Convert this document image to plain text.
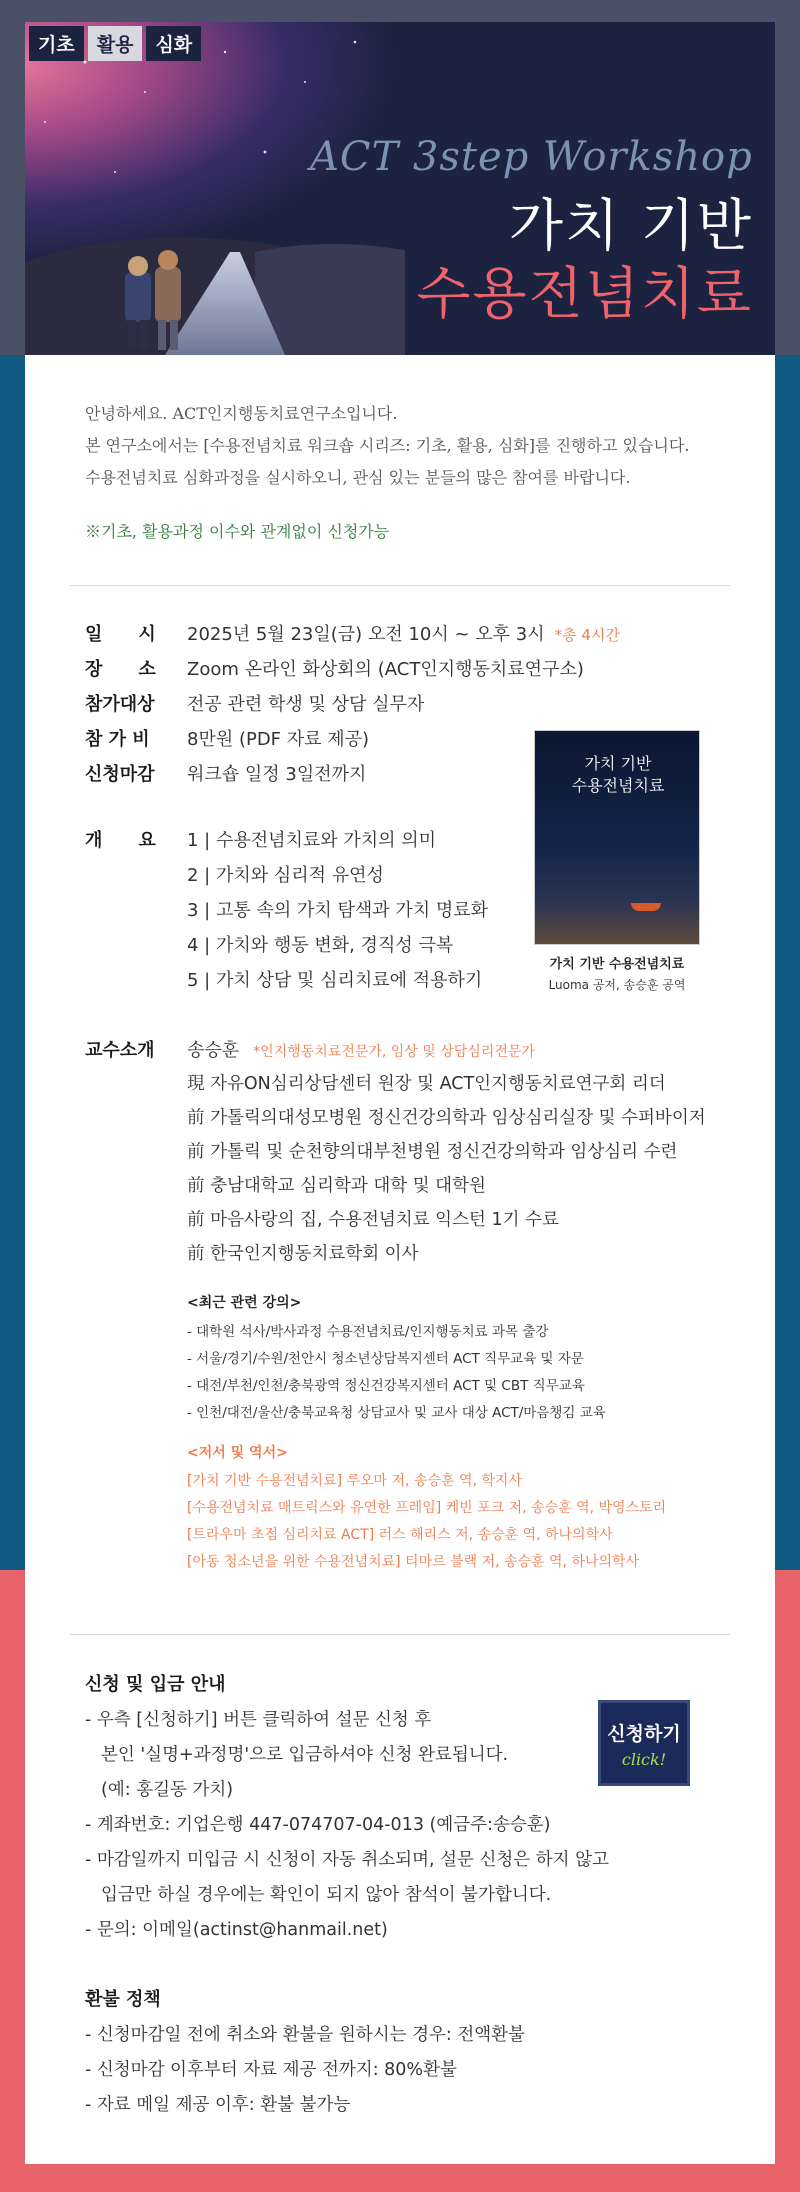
기초	활용	심화
ACT 3step Workshop
가치 기반
수용전념치료

안녕하세요. ACT인지행동치료연구소입니다.

본 연구소에서는 [수용전념치료 워크숍 시리즈: 기초, 활용, 심화]를 진행하고 있습니다.

수용전념치료 심화과정을 실시하오니, 관심 있는 분들의 많은 참여를 바랍니다.

※기초, 활용과정 이수와 관계없이 신청가능

일　　시	2025년 5월 23일(금) 오전 10시 ~ 오후 3시 *총 4시간
장　　소	Zoom 온라인 화상회의 (ACT인지행동치료연구소)
참가대상	전공 관련 학생 및 상담 실무자
참 가 비	8만원 (PDF 자료 제공)
신청마감	워크숍 일정 3일전까지
개　　요	1 | 수용전념치료와 가치의 의미
2 | 가치와 심리적 유연성
3 | 고통 속의 가치 탐색과 가치 명료화
4 | 가치와 행동 변화, 경직성 극복
5 | 가치 상담 및 심리치료에 적용하기
가치 기반
수용전념치료
가치 기반 수용전념치료
Luoma 공저, 송승훈 공역
교수소개	송승훈 *인지행동치료전문가, 임상 및 상담심리전문가
現 자유ON심리상담센터 원장 및 ACT인지행동치료연구회 리더
前 가톨릭의대성모병원 정신건강의학과 임상심리실장 및 수퍼바이저
前 가톨릭 및 순천향의대부천병원 정신건강의학과 임상심리 수련
前 충남대학교 심리학과 대학 및 대학원
前 마음사랑의 집, 수용전념치료 익스턴 1기 수료
前 한국인지행동치료학회 이사
<최근 관련 강의>
- 대학원 석사/박사과정 수용전념치료/인지행동치료 과목 출강
- 서울/경기/수원/천안시 청소년상담복지센터 ACT 직무교육 및 자문
- 대전/부천/인천/충북광역 정신건강복지센터 ACT 및 CBT 직무교육
- 인천/대전/울산/충북교육청 상담교사 및 교사 대상 ACT/마음챙김 교육
<저서 및 역서>
[가치 기반 수용전념치료] 루오마 저, 송승훈 역, 학지사
[수용전념치료 매트릭스와 유연한 프레임] 케빈 포크 저, 송승훈 역, 박영스토리
[트라우마 초점 심리치료 ACT] 러스 해리스 저, 송승훈 역, 하나의학사
[아동 청소년을 위한 수용전념치료] 티마르 블랙 저, 송승훈 역, 하나의학사
신청 및 입금 안내
- 우측 [신청하기] 버튼 클릭하여 설문 신청 후
본인 '실명+과정명'으로 입금하셔야 신청 완료됩니다.
(예: 홍길동 가치)
- 계좌번호: 기업은행 447-074707-04-013 (예금주:송승훈)
- 마감일까지 미입금 시 신청이 자동 취소되며, 설문 신청은 하지 않고
입금만 하실 경우에는 확인이 되지 않아 참석이 불가합니다.
- 문의: 이메일(actinst@hanmail.net)
신청하기
click!
환불 정책
- 신청마감일 전에 취소와 환불을 원하시는 경우: 전액환불
- 신청마감 이후부터 자료 제공 전까지: 80%환불
- 자료 메일 제공 이후: 환불 불가능
